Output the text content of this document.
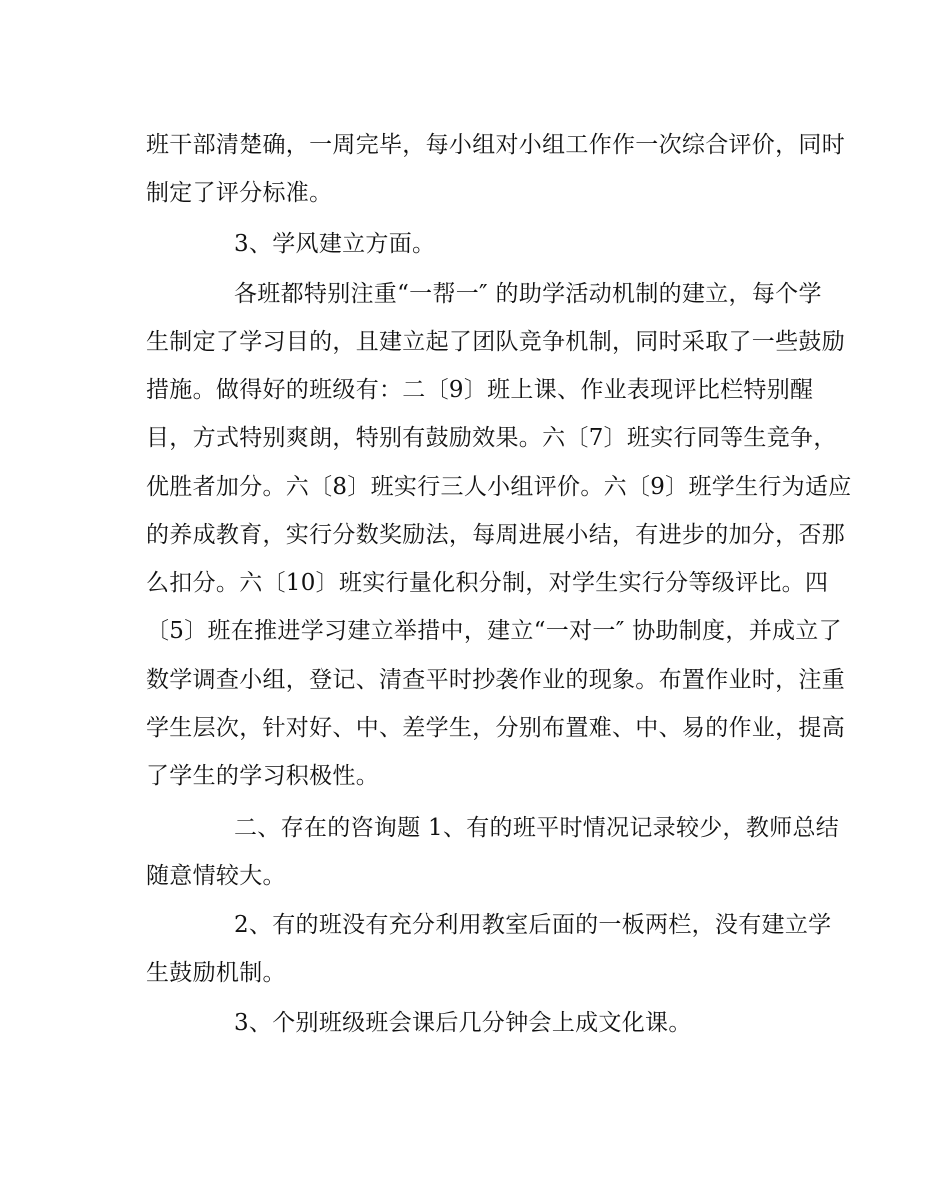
班干部清楚确，一周完毕，每小组对小组工作作一次综合评价，同时
制定了评分标准。
3、学风建立方面。
各班都特别注重“一帮一″ 的助学活动机制的建立，每个学
生制定了学习目的，且建立起了团队竞争机制，同时采取了一些鼓励
措施。做得好的班级有：二〔9〕班上课、作业表现评比栏特别醒
目，方式特别爽朗，特别有鼓励效果。六〔7〕班实行同等生竞争，
优胜者加分。六〔8〕班实行三人小组评价。六〔9〕班学生行为适应
的养成教育，实行分数奖励法，每周进展小结，有进步的加分，否那
么扣分。六〔10〕班实行量化积分制，对学生实行分等级评比。四
〔5〕班在推进学习建立举措中，建立“一对一″ 协助制度，并成立了
数学调查小组，登记、清查平时抄袭作业的现象。布置作业时，注重
学生层次，针对好、中、差学生，分别布置难、中、易的作业，提高
了学生的学习积极性。
二、存在的咨询题 1、有的班平时情况记录较少，教师总结
随意情较大。
2、有的班没有充分利用教室后面的一板两栏，没有建立学
生鼓励机制。
3、个别班级班会课后几分钟会上成文化课。
